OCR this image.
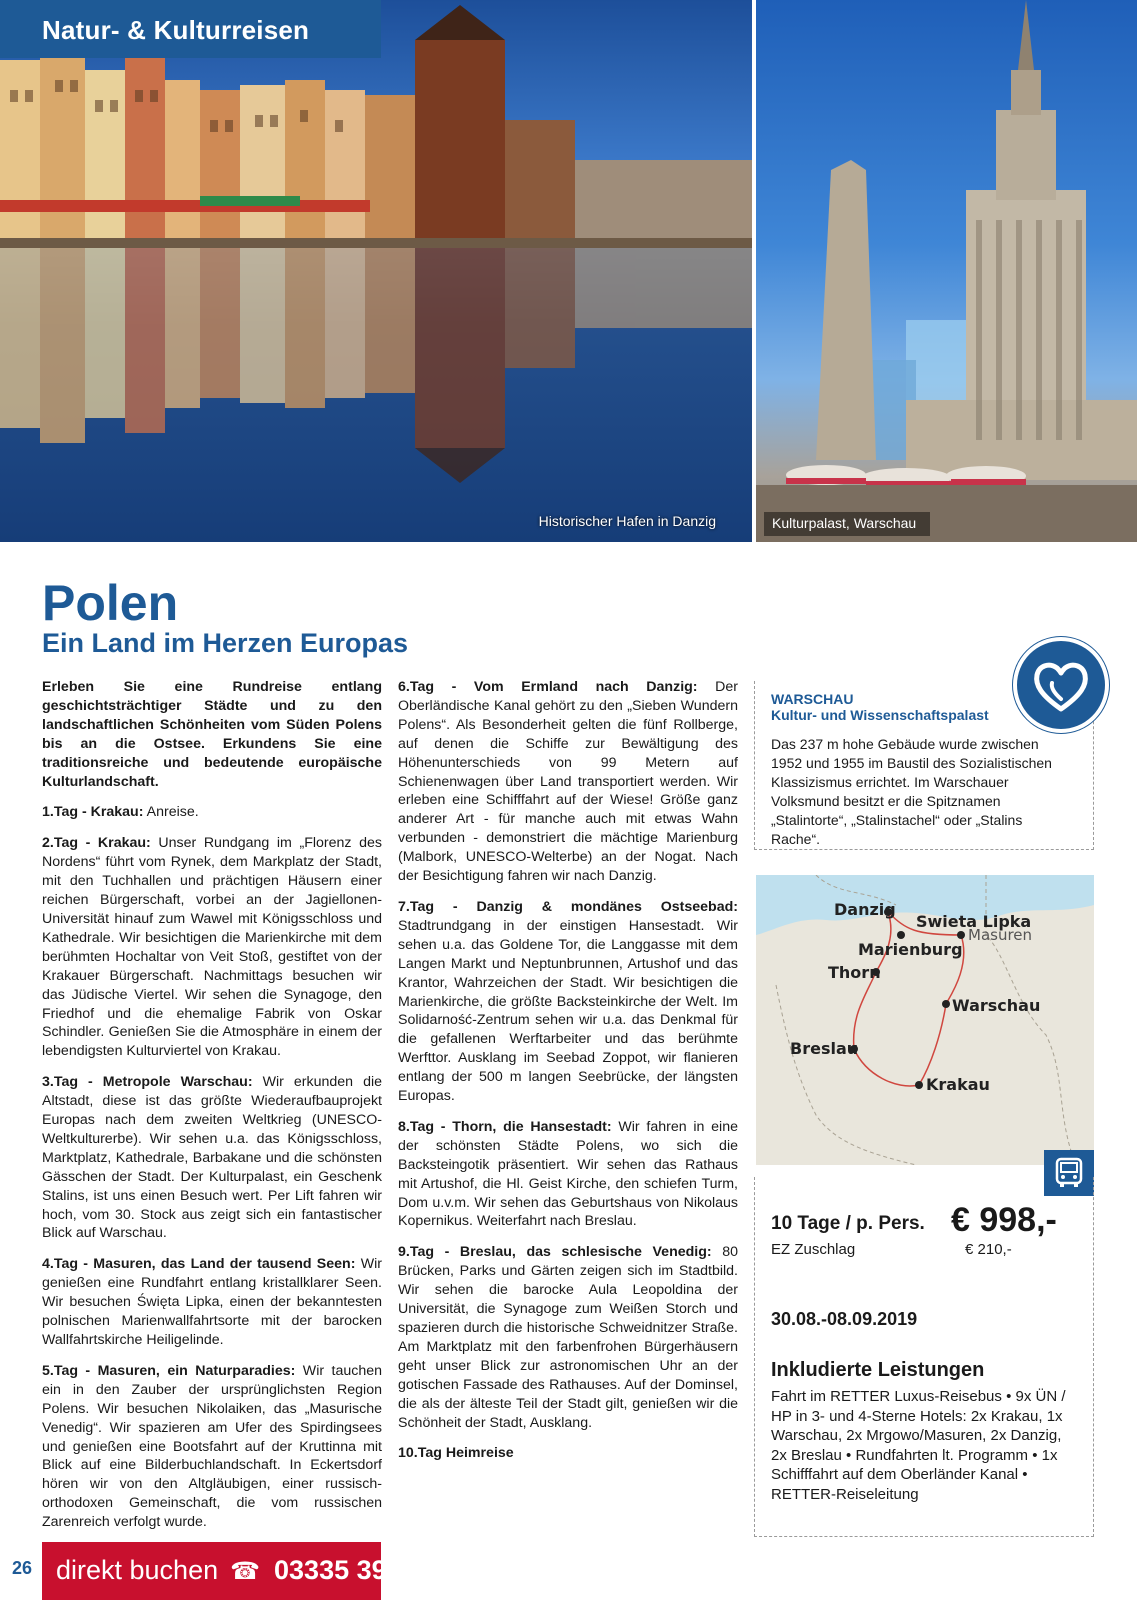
Natur- & Kulturreisen
Historischer Hafen in Danzig	Kulturpalast, Warschau
Polen
Ein Land im Herzen Europas

Erleben Sie eine Rundreise entlang geschichtsträchtiger Städte und zu den landschaftlichen Schönheiten vom Süden Polens bis an die Ostsee. Erkundens Sie eine traditionsreiche und bedeutende europäische Kulturlandschaft.

1.Tag - Krakau: Anreise.

2.Tag - Krakau: Unser Rundgang im „Florenz des Nordens“ führt vom Rynek, dem Markplatz der Stadt, mit den Tuchhallen und prächtigen Häusern einer reichen Bürgerschaft, vorbei an der Jagiellonen-Universität hinauf zum Wawel mit Königsschloss und Kathedrale. Wir besichtigen die Marienkirche mit dem berühmten Hochaltar von Veit Stoß, gestiftet von der Krakauer Bürgerschaft. Nachmittags besuchen wir das Jüdische Viertel. Wir sehen die Synagoge, den Friedhof und die ehemalige Fabrik von Oskar Schindler. Genießen Sie die Atmosphäre in einem der lebendigsten Kulturviertel von Krakau.

3.Tag - Metropole Warschau: Wir erkunden die Altstadt, diese ist das größte Wiederaufbauprojekt Europas nach dem zweiten Weltkrieg (UNESCO-Weltkulturerbe). Wir sehen u.a. das Königsschloss, Marktplatz, Kathedrale, Barbakane und die schönsten Gässchen der Stadt. Der Kulturpalast, ein Geschenk Stalins, ist uns einen Besuch wert. Per Lift fahren wir hoch, vom 30. Stock aus zeigt sich ein fantastischer Blick auf Warschau.

4.Tag - Masuren, das Land der tausend Seen: Wir genießen eine Rundfahrt entlang kristallklarer Seen. Wir besuchen Święta Lipka, einen der bekanntesten polnischen Marienwallfahrtsorte mit der barocken Wallfahrtskirche Heiligelinde.

5.Tag - Masuren, ein Naturparadies: Wir tauchen ein in den Zauber der ursprünglichsten Region Polens. Wir besuchen Nikolaiken, das „Masurische Venedig“. Wir spazieren am Ufer des Spirdingsees und genießen eine Bootsfahrt auf der Kruttinna mit Blick auf eine Bilderbuchlandschaft. In Eckertsdorf hören wir von den Altgläubigen, einer russisch-orthodoxen Gemeinschaft, die vom russischen Zarenreich verfolgt wurde.

6.Tag - Vom Ermland nach Danzig: Der Oberländische Kanal gehört zu den „Sieben Wundern Polens“. Als Besonderheit gelten die fünf Rollberge, auf denen die Schiffe zur Bewältigung des Höhenunterschieds von 99 Metern auf Schienenwagen über Land transportiert werden. Wir erleben eine Schifffahrt auf der Wiese! Größe ganz anderer Art - für manche auch mit etwas Wahn verbunden - demonstriert die mächtige Marienburg (Malbork, UNESCO-Welterbe) an der Nogat. Nach der Besichtigung fahren wir nach Danzig.

7.Tag - Danzig & mondänes Ostseebad: Stadtrundgang in der einstigen Hansestadt. Wir sehen u.a. das Goldene Tor, die Langgasse mit dem Langen Markt und Neptunbrunnen, Artushof und das Krantor, Wahrzeichen der Stadt. Wir besichtigen die Marienkirche, die größte Backsteinkirche der Welt. Im Solidarność-Zentrum sehen wir u.a. das Denkmal für die gefallenen Werftarbeiter und das berühmte Werfttor. Ausklang im Seebad Zoppot, wir flanieren entlang der 500 m langen Seebrücke, der längsten Europas.

8.Tag - Thorn, die Hansestadt: Wir fahren in eine der schönsten Städte Polens, wo sich die Backsteingotik präsentiert. Wir sehen das Rathaus mit Artushof, die Hl. Geist Kirche, den schiefen Turm, Dom u.v.m. Wir sehen das Geburtshaus von Nikolaus Kopernikus. Weiterfahrt nach Breslau.

9.Tag - Breslau, das schlesische Venedig: 80 Brücken, Parks und Gärten zeigen sich im Stadtbild. Wir sehen die barocke Aula Leopoldina der Universität, die Synagoge zum Weißen Storch und spazieren durch die historische Schweidnitzer Straße. Am Marktplatz mit den farbenfrohen Bürgerhäusern geht unser Blick zur astronomischen Uhr an der gotischen Fassade des Rathauses. Auf der Dominsel, die als der älteste Teil der Stadt gilt, genießen wir die Schönheit der Stadt, Ausklang.

10.Tag Heimreise

WARSCHAU
Kultur- und Wissenschaftspalast
Das 237 m hohe Gebäude wurde zwischen 1952 und 1955 im Baustil des Sozialistischen Klassizismus errichtet. Im Warschauer Volksmund besitzt er die Spitznamen „Stalintorte“, „Stalinstachel“ oder „Stalins Rache“.
Danzig
Swieta Lipka
Masuren
Marienburg
Thorn
Warschau
Breslau
Krakau
10 Tage / p. Pers. € 998,-
EZ Zuschlag	€ 210,-
30.08.-08.09.2019
Inkludierte Leistungen
Fahrt im RETTER Luxus-Reisebus • 9x ÜN / HP in 3- und 4-Sterne Hotels: 2x Krakau, 1x Warschau, 2x Mrgowo/Masuren, 2x Danzig, 2x Breslau • Rundfahrten lt. Programm • 1x Schifffahrt auf dem Oberländer Kanal • RETTER-Reiseleitung
26 direkt buchen ☎ 03335 3900
